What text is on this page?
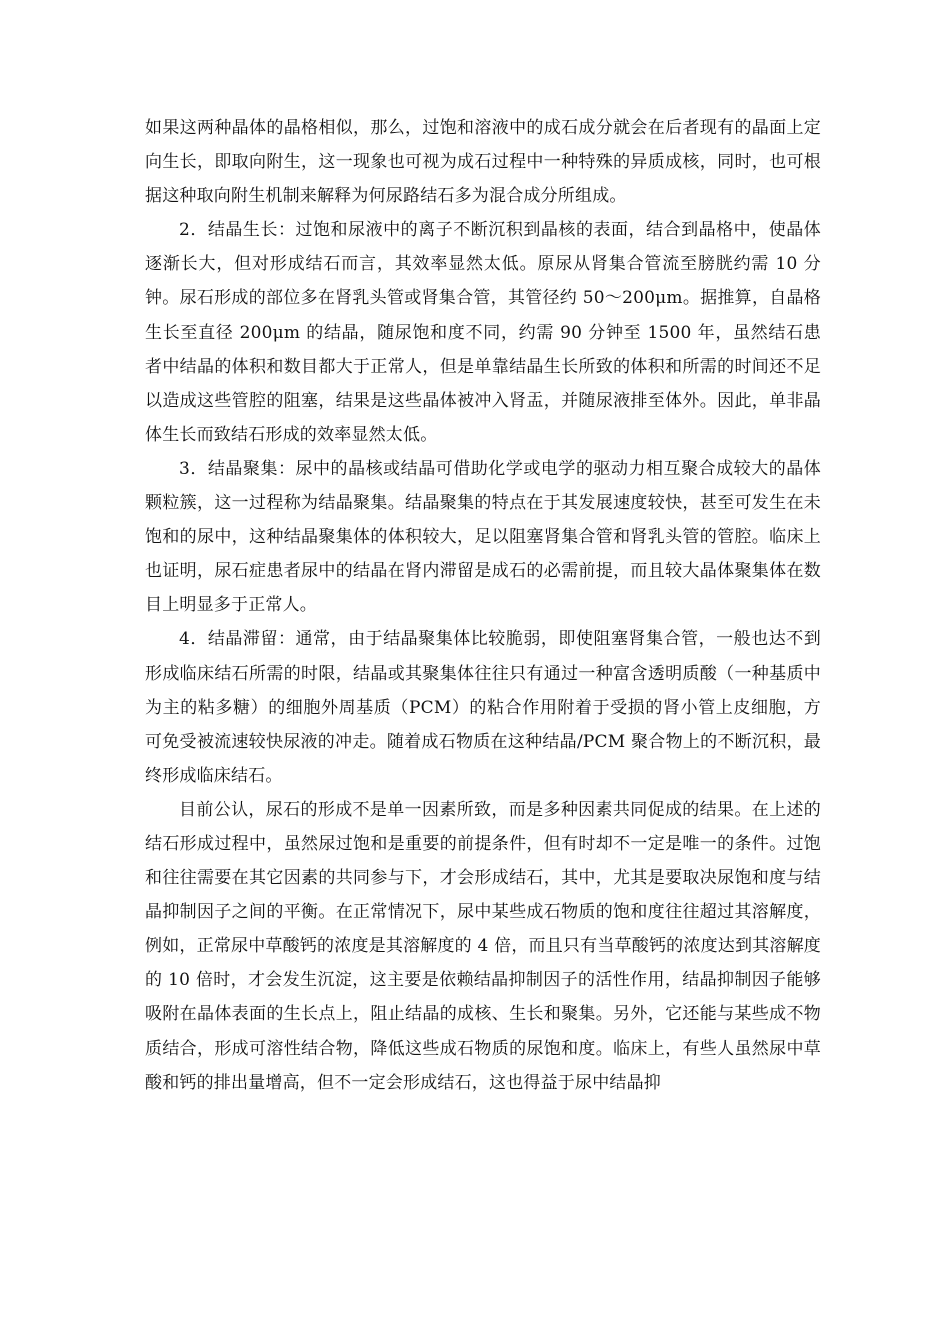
如果这两种晶体的晶格相似，那么，过饱和溶液中的成石成分就会在后者现有的晶面上定向生长，即取向附生，这一现象也可视为成石过程中一种特殊的异质成核，同时，也可根据这种取向附生机制来解释为何尿路结石多为混合成分所组成。

2．结晶生长：过饱和尿液中的离子不断沉积到晶核的表面，结合到晶格中，使晶体逐渐长大，但对形成结石而言，其效率显然太低。原尿从肾集合管流至膀胱约需 10 分钟。尿石形成的部位多在肾乳头管或肾集合管，其管径约 50～200μm。据推算，自晶格生长至直径 200μm 的结晶，随尿饱和度不同，约需 90 分钟至 1500 年，虽然结石患者中结晶的体积和数目都大于正常人，但是单靠结晶生长所致的体积和所需的时间还不足以造成这些管腔的阻塞，结果是这些晶体被冲入肾盂，并随尿液排至体外。因此，单非晶体生长而致结石形成的效率显然太低。

3．结晶聚集：尿中的晶核或结晶可借助化学或电学的驱动力相互聚合成较大的晶体颗粒簇，这一过程称为结晶聚集。结晶聚集的特点在于其发展速度较快，甚至可发生在未饱和的尿中，这种结晶聚集体的体积较大，足以阻塞肾集合管和肾乳头管的管腔。临床上也证明，尿石症患者尿中的结晶在肾内滞留是成石的必需前提，而且较大晶体聚集体在数目上明显多于正常人。

4．结晶滞留：通常，由于结晶聚集体比较脆弱，即使阻塞肾集合管，一般也达不到形成临床结石所需的时限，结晶或其聚集体往往只有通过一种富含透明质酸（一种基质中为主的粘多糖）的细胞外周基质（PCM）的粘合作用附着于受损的肾小管上皮细胞，方可免受被流速较快尿液的冲走。随着成石物质在这种结晶/PCM 聚合物上的不断沉积，最终形成临床结石。

目前公认，尿石的形成不是单一因素所致，而是多种因素共同促成的结果。在上述的结石形成过程中，虽然尿过饱和是重要的前提条件，但有时却不一定是唯一的条件。过饱和往往需要在其它因素的共同参与下，才会形成结石，其中，尤其是要取决尿饱和度与结晶抑制因子之间的平衡。在正常情况下，尿中某些成石物质的饱和度往往超过其溶解度，例如，正常尿中草酸钙的浓度是其溶解度的 4 倍，而且只有当草酸钙的浓度达到其溶解度的 10 倍时，才会发生沉淀，这主要是依赖结晶抑制因子的活性作用，结晶抑制因子能够吸附在晶体表面的生长点上，阻止结晶的成核、生长和聚集。另外，它还能与某些成不物质结合，形成可溶性结合物，降低这些成石物质的尿饱和度。临床上，有些人虽然尿中草酸和钙的排出量增高，但不一定会形成结石，这也得益于尿中结晶抑
